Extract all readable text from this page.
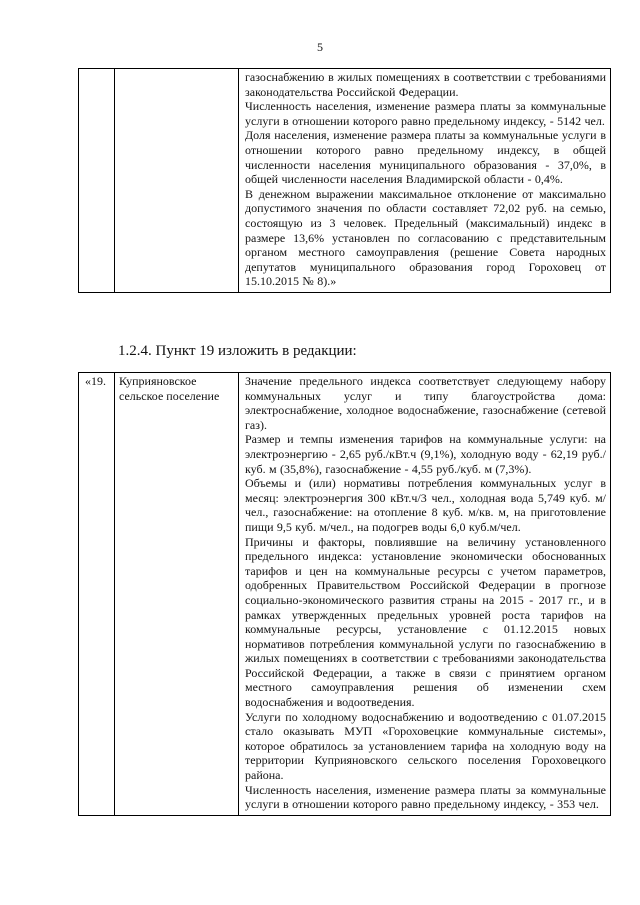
5

газоснабжению в жилых помещениях в соответствии с требованиями законодательства Российской Федерации.

Численность населения, изменение размера платы за коммунальные услуги в отношении которого равно предельному индексу, - 5142 чел.

Доля населения, изменение размера платы за коммунальные услуги в отношении которого равно предельному индексу, в общей численности населения муниципального образования - 37,0%, в общей численности населения Владимирской области - 0,4%.

В денежном выражении максимальное отклонение от максимально допустимого значения по области составляет 72,02 руб. на семью, состоящую из 3 человек. Предельный (максимальный) индекс в размере 13,6% установлен по согласованию с представительным органом местного самоуправления (решение Совета народных депутатов муниципального образования город Гороховец от 15.10.2015 № 8).»

1.2.4. Пункт 19 изложить в редакции:
«19.	Куприяновское сельское поселение	

Значение предельного индекса соответствует следующему набору коммунальных услуг и типу благоустройства дома: электроснабжение, холодное водоснабжение, газоснабжение (сетевой газ).

Размер и темпы изменения тарифов на коммунальные услуги: на электроэнергию - 2,65 руб./кВт.ч (9,1%), холодную воду - 62,19 руб./куб. м (35,8%), газоснабжение - 4,55 руб./куб. м (7,3%).

Объемы и (или) нормативы потребления коммунальных услуг в месяц: электроэнергия 300 кВт.ч/3 чел., холодная вода 5,749 куб. м/чел., газоснабжение: на отопление 8 куб. м/кв. м, на приготовление пищи 9,5 куб. м/чел., на подогрев воды 6,0 куб.м/чел.

Причины и факторы, повлиявшие на величину установленного предельного индекса: установление экономически обоснованных тарифов и цен на коммунальные ресурсы с учетом параметров, одобренных Правительством Российской Федерации в прогнозе социально-экономического развития страны на 2015 - 2017 гг., и в рамках утвержденных предельных уровней роста тарифов на коммунальные ресурсы, установление с 01.12.2015 новых нормативов потребления коммунальной услуги по газоснабжению в жилых помещениях в соответствии с требованиями законодательства Российской Федерации, а также в связи с принятием органом местного самоуправления решения об изменении схем водоснабжения и водоотведения.

Услуги по холодному водоснабжению и водоотведению с 01.07.2015 стало оказывать МУП «Гороховецкие коммунальные системы», которое обратилось за установлением тарифа на холодную воду на территории Куприяновского сельского поселения Гороховецкого района.

Численность населения, изменение размера платы за коммунальные услуги в отношении которого равно предельному индексу, - 353 чел.
